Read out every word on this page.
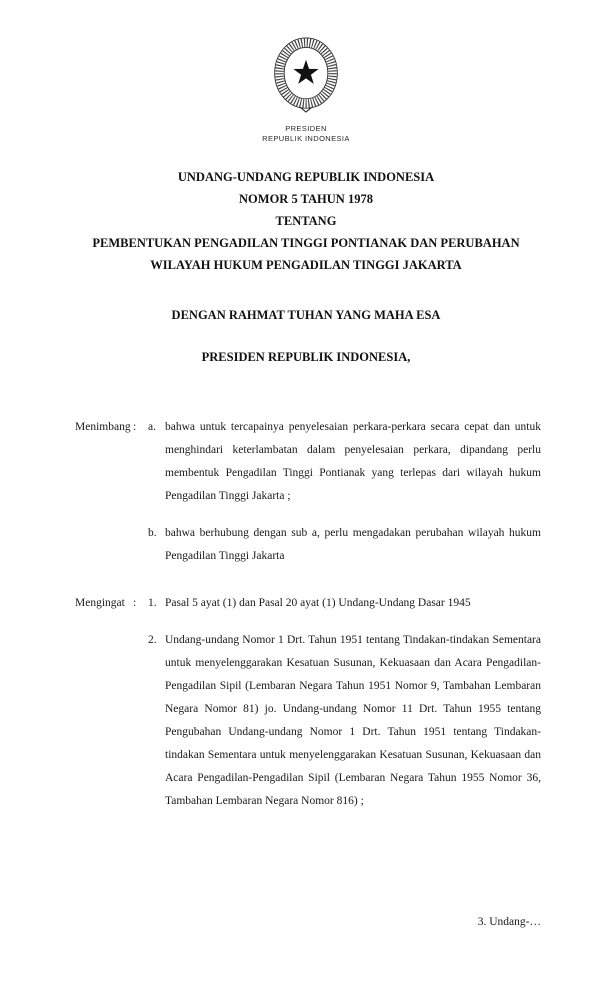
PRESIDEN
REPUBLIK INDONESIA
UNDANG-UNDANG REPUBLIK INDONESIA
NOMOR 5 TAHUN 1978
TENTANG
PEMBENTUKAN PENGADILAN TINGGI PONTIANAK DAN PERUBAHAN
WILAYAH HUKUM PENGADILAN TINGGI JAKARTA
DENGAN RAHMAT TUHAN YANG MAHA ESA
PRESIDEN REPUBLIK INDONESIA,
Menimbang :	a. bahwa untuk tercapainya penyelesaian perkara-perkara secara cepat dan untuk menghindari keterlambatan dalam penyelesaian perkara, dipandang perlu membentuk Pengadilan Tinggi Pontianak yang terlepas dari wilayah hukum Pengadilan Tinggi Jakarta ;
b. bahwa berhubung dengan sub a, perlu mengadakan perubahan wilayah hukum Pengadilan Tinggi Jakarta
Mengingat :	1. Pasal 5 ayat (1) dan Pasal 20 ayat (1) Undang-Undang Dasar 1945
2. Undang-undang Nomor 1 Drt. Tahun 1951 tentang Tindakan-tindakan Sementara untuk menyelenggarakan Kesatuan Susunan, Kekuasaan dan Acara Pengadilan-Pengadilan Sipil (Lembaran Negara Tahun 1951 Nomor 9, Tambahan Lembaran Negara Nomor 81) jo. Undang-undang Nomor 11 Drt. Tahun 1955 tentang Pengubahan Undang-undang Nomor 1 Drt. Tahun 1951 tentang Tindakan-tindakan Sementara untuk menyelenggarakan Kesatuan Susunan, Kekuasaan dan Acara Pengadilan-Pengadilan Sipil (Lembaran Negara Tahun 1955 Nomor 36, Tambahan Lembaran Negara Nomor 816) ;
3. Undang-…
